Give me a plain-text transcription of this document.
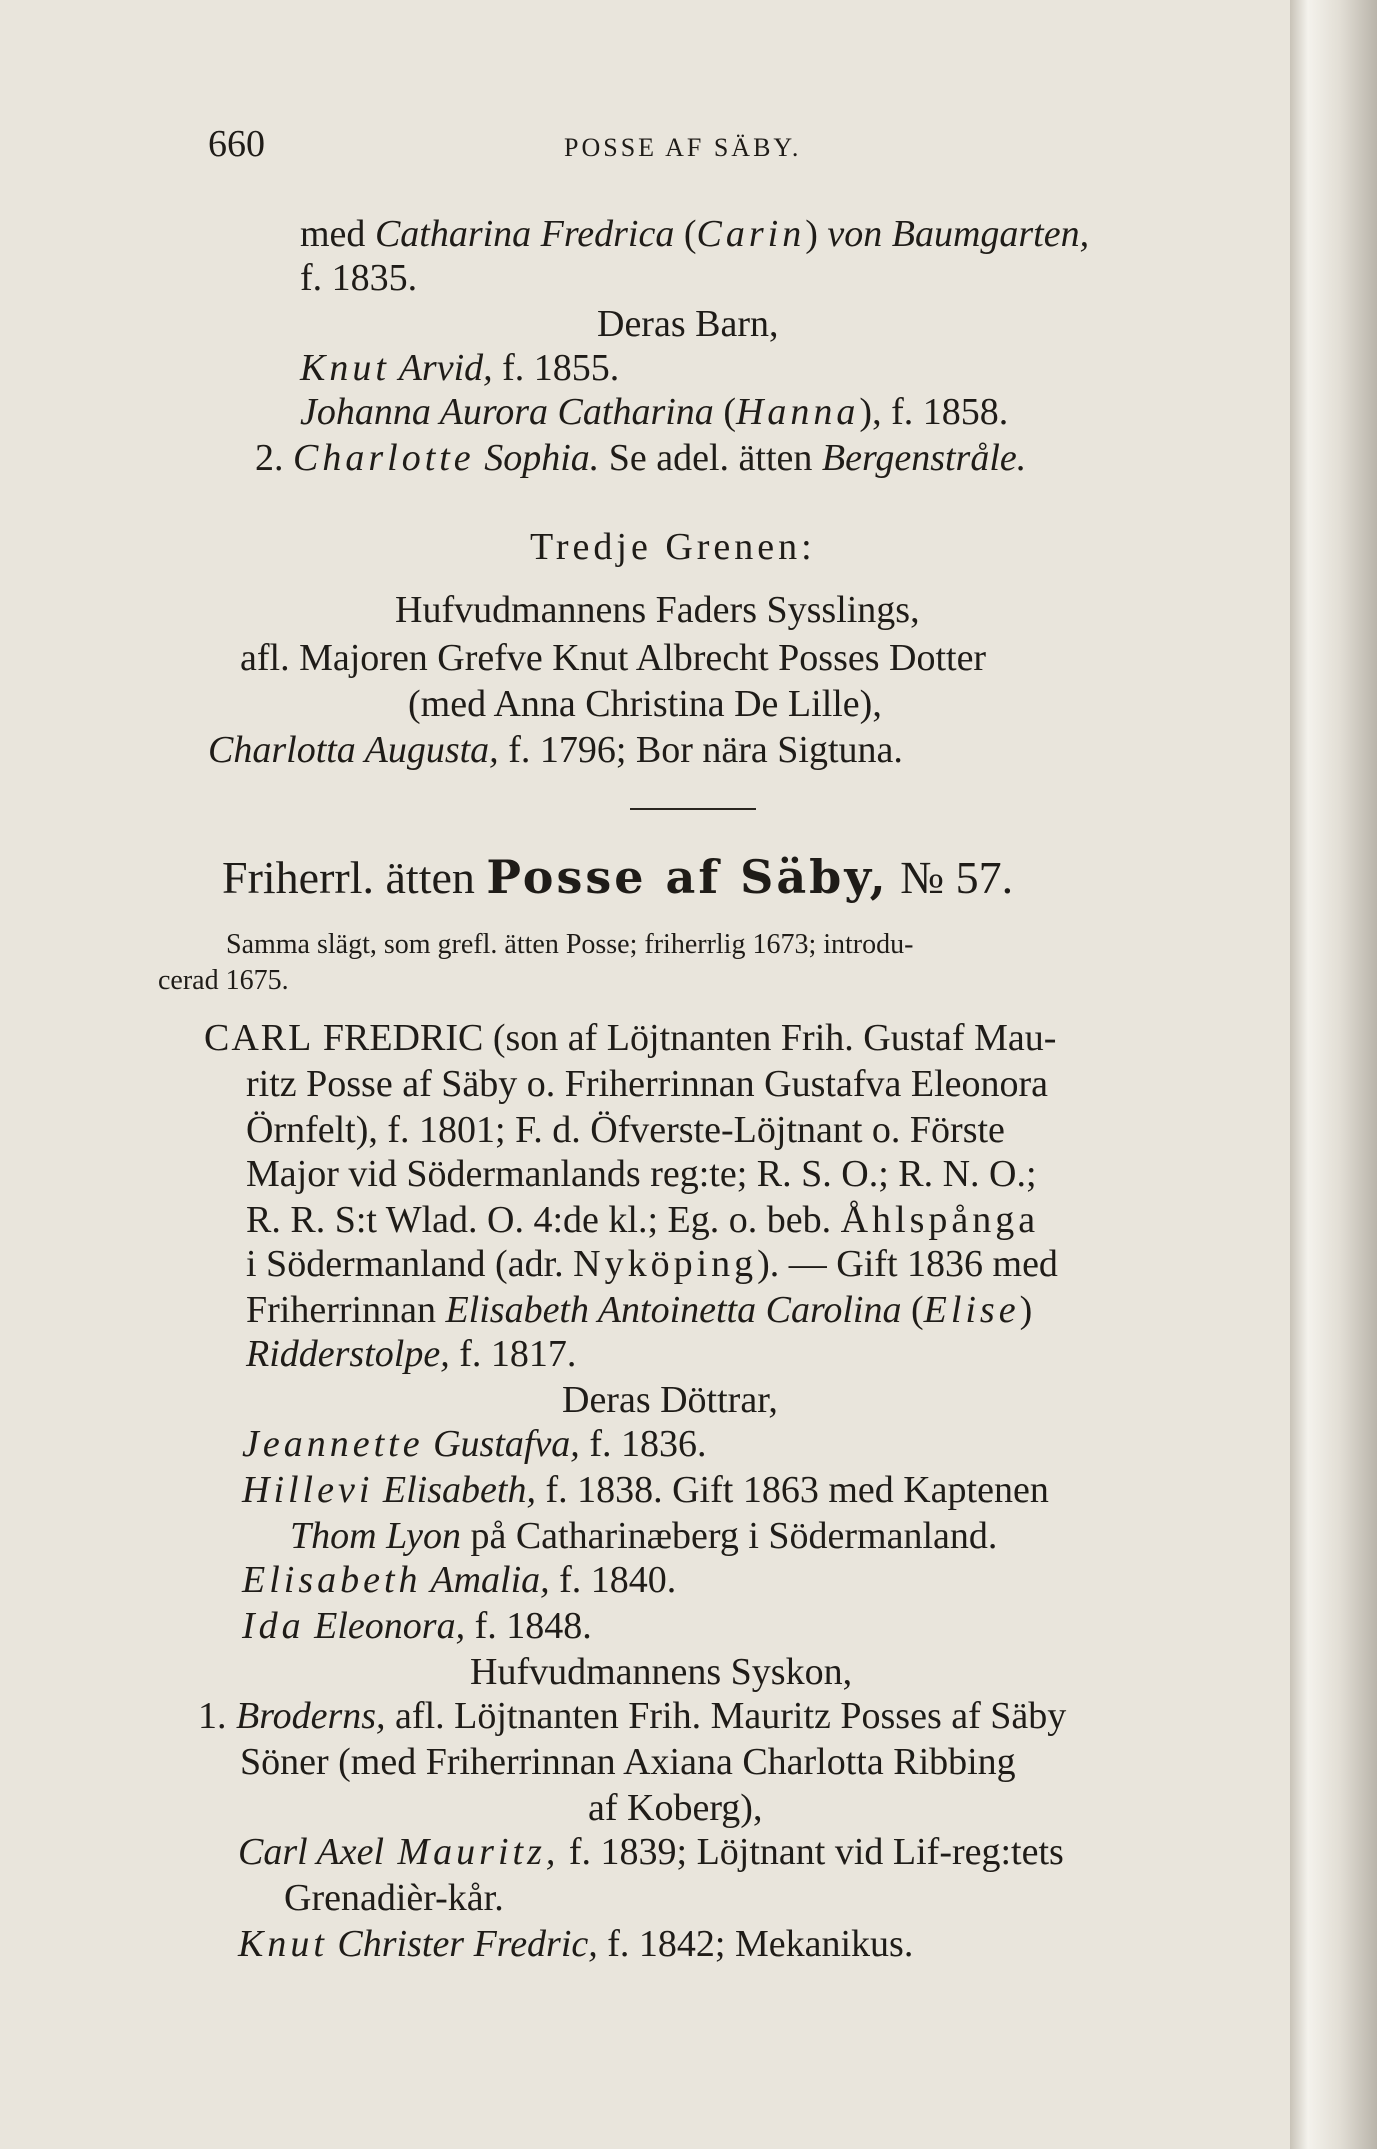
660	POSSE AF SÄBY.
med Catharina Fredrica (Carin) von Baumgarten,
f. 1835.
Deras Barn,
Knut Arvid, f. 1855.
Johanna Aurora Catharina (Hanna), f. 1858.
2. Charlotte Sophia. Se adel. ätten Bergenstråle.
Tredje Grenen:
Hufvudmannens Faders Sysslings,
afl. Majoren Grefve Knut Albrecht Posses Dotter
(med Anna Christina De Lille),
Charlotta Augusta, f. 1796; Bor nära Sigtuna.
Friherrl. ätten Posse af Säby, № 57.
Samma slägt, som grefl. ätten Posse; friherrlig 1673; introdu-
cerad 1675.
CARL FREDRIC (son af Löjtnanten Frih. Gustaf Mau-
ritz Posse af Säby o. Friherrinnan Gustafva Eleonora
Örnfelt), f. 1801; F. d. Öfverste-Löjtnant o. Förste
Major vid Södermanlands reg:te; R. S. O.; R. N. O.;
R. R. S:t Wlad. O. 4:de kl.; Eg. o. beb. Åhlspånga
i Södermanland (adr. Nyköping). — Gift 1836 med
Friherrinnan Elisabeth Antoinetta Carolina (Elise)
Ridderstolpe, f. 1817.
Deras Döttrar,
Jeannette Gustafva, f. 1836.
Hillevi Elisabeth, f. 1838. Gift 1863 med Kaptenen
Thom Lyon på Catharinæberg i Södermanland.
Elisabeth Amalia, f. 1840.
Ida Eleonora, f. 1848.
Hufvudmannens Syskon,
1. Broderns, afl. Löjtnanten Frih. Mauritz Posses af Säby
Söner (med Friherrinnan Axiana Charlotta Ribbing
af Koberg),
Carl Axel Mauritz, f. 1839; Löjtnant vid Lif-reg:tets
Grenadièr-kår.
Knut Christer Fredric, f. 1842; Mekanikus.
